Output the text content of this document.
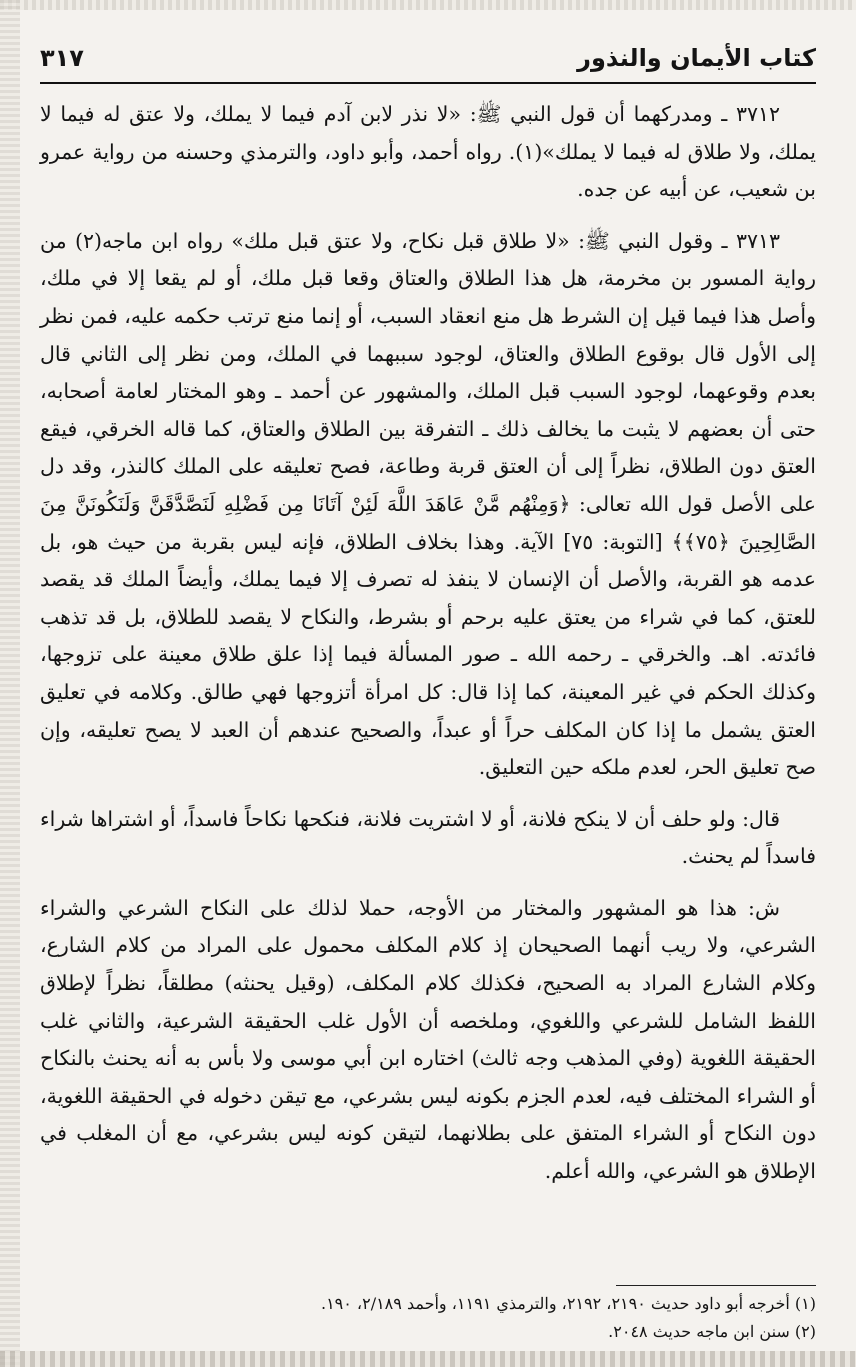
كتاب الأيمان والنذور
٣١٧

٣٧١٢ ـ ومدركهما أن قول النبي ﷺ: «لا نذر لابن آدم فيما لا يملك، ولا عتق له فيما لا يملك، ولا طلاق له فيما لا يملك»(١). رواه أحمد، وأبو داود، والترمذي وحسنه من رواية عمرو بن شعيب، عن أبيه عن جده.

٣٧١٣ ـ وقول النبي ﷺ: «لا طلاق قبل نكاح، ولا عتق قبل ملك» رواه ابن ماجه(٢) من رواية المسور بن مخرمة، هل هذا الطلاق والعتاق وقعا قبل ملك، أو لم يقعا إلا في ملك، وأصل هذا فيما قيل إن الشرط هل منع انعقاد السبب، أو إنما منع ترتب حكمه عليه، فمن نظر إلى الأول قال بوقوع الطلاق والعتاق، لوجود سببهما في الملك، ومن نظر إلى الثاني قال بعدم وقوعهما، لوجود السبب قبل الملك، والمشهور عن أحمد ـ وهو المختار لعامة أصحابه، حتى أن بعضهم لا يثبت ما يخالف ذلك ـ التفرقة بين الطلاق والعتاق، كما قاله الخرقي، فيقع العتق دون الطلاق، نظراً إلى أن العتق قربة وطاعة، فصح تعليقه على الملك كالنذر، وقد دل على الأصل قول الله تعالى: ﴿وَمِنْهُم مَّنْ عَاهَدَ اللَّهَ لَئِنْ آتَانَا مِن فَضْلِهِ لَنَصَّدَّقَنَّ وَلَنَكُونَنَّ مِنَ الصَّالِحِينَ ﴿٧٥﴾﴾ [التوبة: ٧٥] الآية. وهذا بخلاف الطلاق، فإنه ليس بقربة من حيث هو، بل عدمه هو القربة، والأصل أن الإنسان لا ينفذ له تصرف إلا فيما يملك، وأيضاً الملك قد يقصد للعتق، كما في شراء من يعتق عليه برحم أو بشرط، والنكاح لا يقصد للطلاق، بل قد تذهب فائدته. اهـ. والخرقي ـ رحمه الله ـ صور المسألة فيما إذا علق طلاق معينة على تزوجها، وكذلك الحكم في غير المعينة، كما إذا قال: كل امرأة أتزوجها فهي طالق. وكلامه في تعليق العتق يشمل ما إذا كان المكلف حراً أو عبداً، والصحيح عندهم أن العبد لا يصح تعليقه، وإن صح تعليق الحر، لعدم ملكه حين التعليق.

قال: ولو حلف أن لا ينكح فلانة، أو لا اشتريت فلانة، فنكحها نكاحاً فاسداً، أو اشتراها شراء فاسداً لم يحنث.

ش: هذا هو المشهور والمختار من الأوجه، حملا لذلك على النكاح الشرعي والشراء الشرعي، ولا ريب أنهما الصحيحان إذ كلام المكلف محمول على المراد من كلام الشارع، وكلام الشارع المراد به الصحيح، فكذلك كلام المكلف، (وقيل يحنثه) مطلقاً، نظراً لإطلاق اللفظ الشامل للشرعي واللغوي، وملخصه أن الأول غلب الحقيقة الشرعية، والثاني غلب الحقيقة اللغوية (وفي المذهب وجه ثالث) اختاره ابن أبي موسى ولا بأس به أنه يحنث بالنكاح أو الشراء المختلف فيه، لعدم الجزم بكونه ليس بشرعي، مع تيقن دخوله في الحقيقة اللغوية، دون النكاح أو الشراء المتفق على بطلانهما، لتيقن كونه ليس بشرعي، مع أن المغلب في الإطلاق هو الشرعي، والله أعلم.

(١) أخرجه أبو داود حديث ٢١٩٠، ٢١٩٢، والترمذي ١١٩١، وأحمد ٢/١٨٩، ١٩٠.

(٢) سنن ابن ماجه حديث ٢٠٤٨.
